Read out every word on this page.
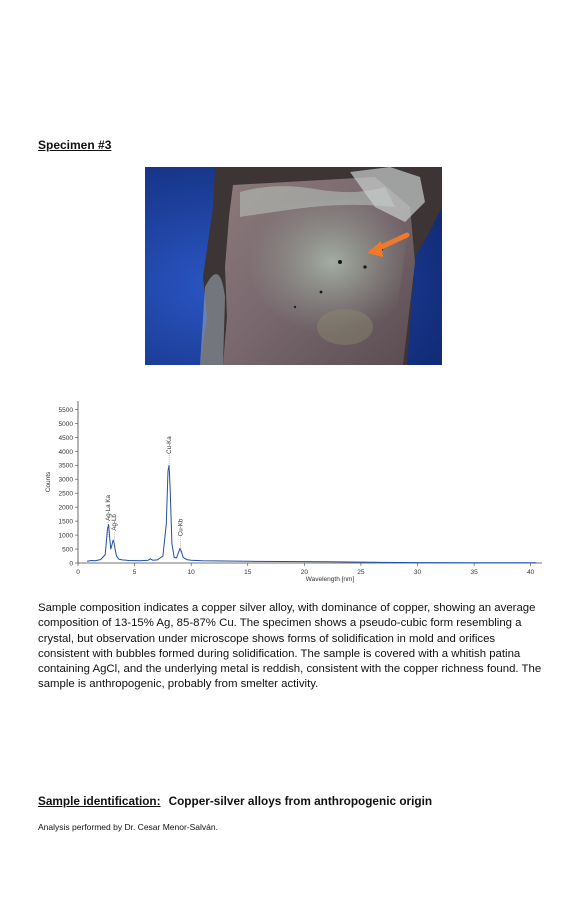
Specimen #3
0
500
1000
1500
2000
2500
3000
3500
4000
4500
5000
5500
0	5	10	15	20	25	30	35	40
Wavelength [nm]
Counts
Ag-La Ka
Ag-Lb
Cu-Ka
Cu-Kb

Sample composition indicates a copper silver alloy, with dominance of copper, showing an average composition of 13-15% Ag, 85-87% Cu. The specimen shows a pseudo-cubic form resembling a crystal, but observation under microscope shows forms of solidification in mold and orifices consistent with bubbles formed during solidification. The sample is covered with a whitish patina containing AgCl, and the underlying metal is reddish, consistent with the copper richness found. The sample is anthropogenic, probably from smelter activity.

Sample identification: Copper-silver alloys from anthropogenic origin

Analysis performed by Dr. Cesar Menor-Salván.
